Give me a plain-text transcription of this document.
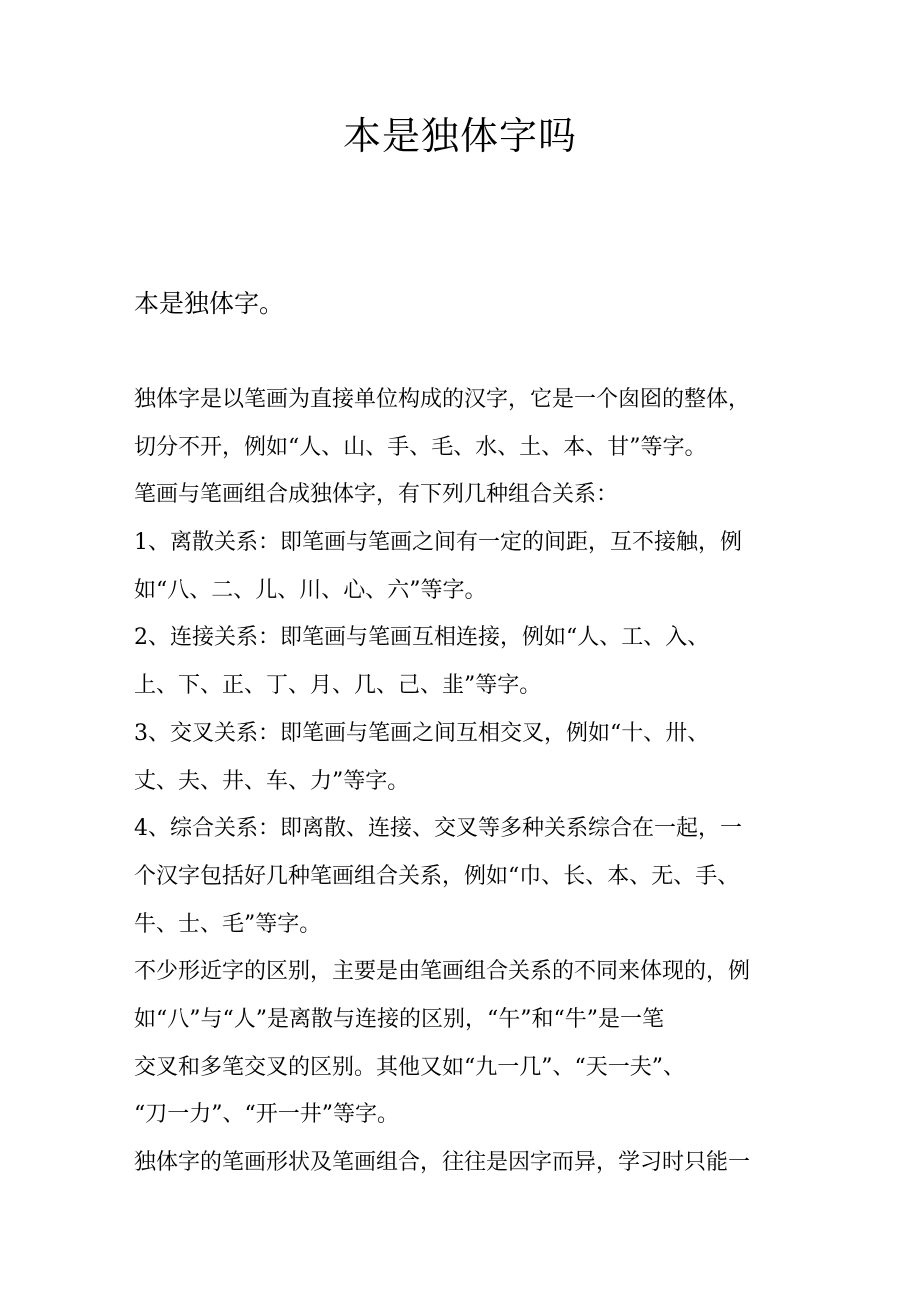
本是独体字吗

本是独体字。

独体字是以笔画为直接单位构成的汉字，它是一个囱囵的整体，

切分不开，例如“人、山、手、毛、水、土、本、甘”等字。

笔画与笔画组合成独体字，有下列几种组合关系：

1、离散关系：即笔画与笔画之间有一定的间距，互不接触，例

如“八、二、儿、川、心、六”等字。

2、连接关系：即笔画与笔画互相连接，例如“人、工、入、

上、下、正、丁、月、几、己、韭”等字。

3、交叉关系：即笔画与笔画之间互相交叉，例如“十、卅、

丈、夫、井、车、力”等字。

4、综合关系：即离散、连接、交叉等多种关系综合在一起，一

个汉字包括好几种笔画组合关系，例如“巾、长、本、无、手、

牛、士、毛”等字。

不少形近字的区别，主要是由笔画组合关系的不同来体现的，例

如“八”与“人”是离散与连接的区别，“午”和“牛”是一笔

交叉和多笔交叉的区别。其他又如“九一几”、“天一夫”、

“刀一力”、“开一井”等字。

独体字的笔画形状及笔画组合，往往是因字而异，学习时只能一
